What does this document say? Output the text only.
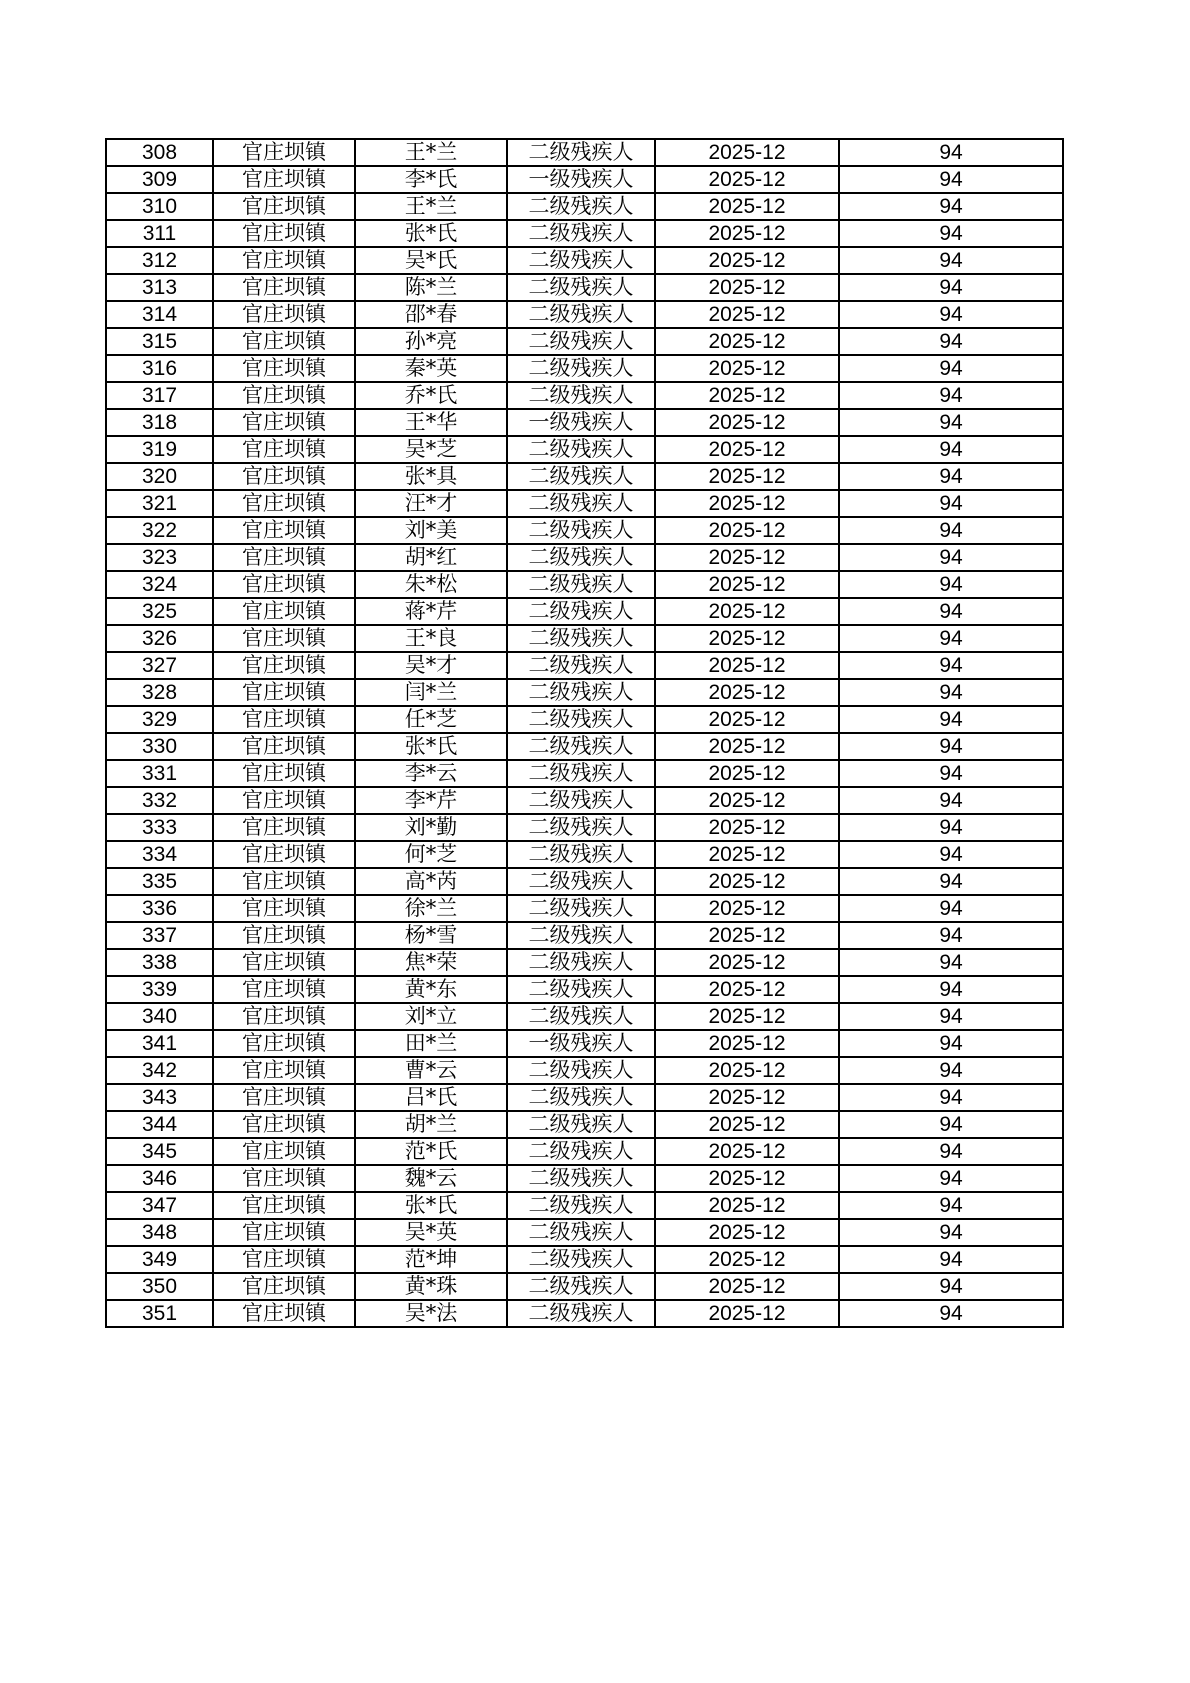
308	官庄坝镇	王*兰	二级残疾人	2025-12	94
309	官庄坝镇	李*氏	一级残疾人	2025-12	94
310	官庄坝镇	王*兰	二级残疾人	2025-12	94
311	官庄坝镇	张*氏	二级残疾人	2025-12	94
312	官庄坝镇	吴*氏	二级残疾人	2025-12	94
313	官庄坝镇	陈*兰	二级残疾人	2025-12	94
314	官庄坝镇	邵*春	二级残疾人	2025-12	94
315	官庄坝镇	孙*亮	二级残疾人	2025-12	94
316	官庄坝镇	秦*英	二级残疾人	2025-12	94
317	官庄坝镇	乔*氏	二级残疾人	2025-12	94
318	官庄坝镇	王*华	一级残疾人	2025-12	94
319	官庄坝镇	吴*芝	二级残疾人	2025-12	94
320	官庄坝镇	张*具	二级残疾人	2025-12	94
321	官庄坝镇	汪*才	二级残疾人	2025-12	94
322	官庄坝镇	刘*美	二级残疾人	2025-12	94
323	官庄坝镇	胡*红	二级残疾人	2025-12	94
324	官庄坝镇	朱*松	二级残疾人	2025-12	94
325	官庄坝镇	蒋*芹	二级残疾人	2025-12	94
326	官庄坝镇	王*良	二级残疾人	2025-12	94
327	官庄坝镇	吴*才	二级残疾人	2025-12	94
328	官庄坝镇	闫*兰	二级残疾人	2025-12	94
329	官庄坝镇	任*芝	二级残疾人	2025-12	94
330	官庄坝镇	张*氏	二级残疾人	2025-12	94
331	官庄坝镇	李*云	二级残疾人	2025-12	94
332	官庄坝镇	李*芹	二级残疾人	2025-12	94
333	官庄坝镇	刘*勤	二级残疾人	2025-12	94
334	官庄坝镇	何*芝	二级残疾人	2025-12	94
335	官庄坝镇	高*芮	二级残疾人	2025-12	94
336	官庄坝镇	徐*兰	二级残疾人	2025-12	94
337	官庄坝镇	杨*雪	二级残疾人	2025-12	94
338	官庄坝镇	焦*荣	二级残疾人	2025-12	94
339	官庄坝镇	黄*东	二级残疾人	2025-12	94
340	官庄坝镇	刘*立	二级残疾人	2025-12	94
341	官庄坝镇	田*兰	一级残疾人	2025-12	94
342	官庄坝镇	曹*云	二级残疾人	2025-12	94
343	官庄坝镇	吕*氏	二级残疾人	2025-12	94
344	官庄坝镇	胡*兰	二级残疾人	2025-12	94
345	官庄坝镇	范*氏	二级残疾人	2025-12	94
346	官庄坝镇	魏*云	二级残疾人	2025-12	94
347	官庄坝镇	张*氏	二级残疾人	2025-12	94
348	官庄坝镇	吴*英	二级残疾人	2025-12	94
349	官庄坝镇	范*坤	二级残疾人	2025-12	94
350	官庄坝镇	黄*珠	二级残疾人	2025-12	94
351	官庄坝镇	吴*法	二级残疾人	2025-12	94
